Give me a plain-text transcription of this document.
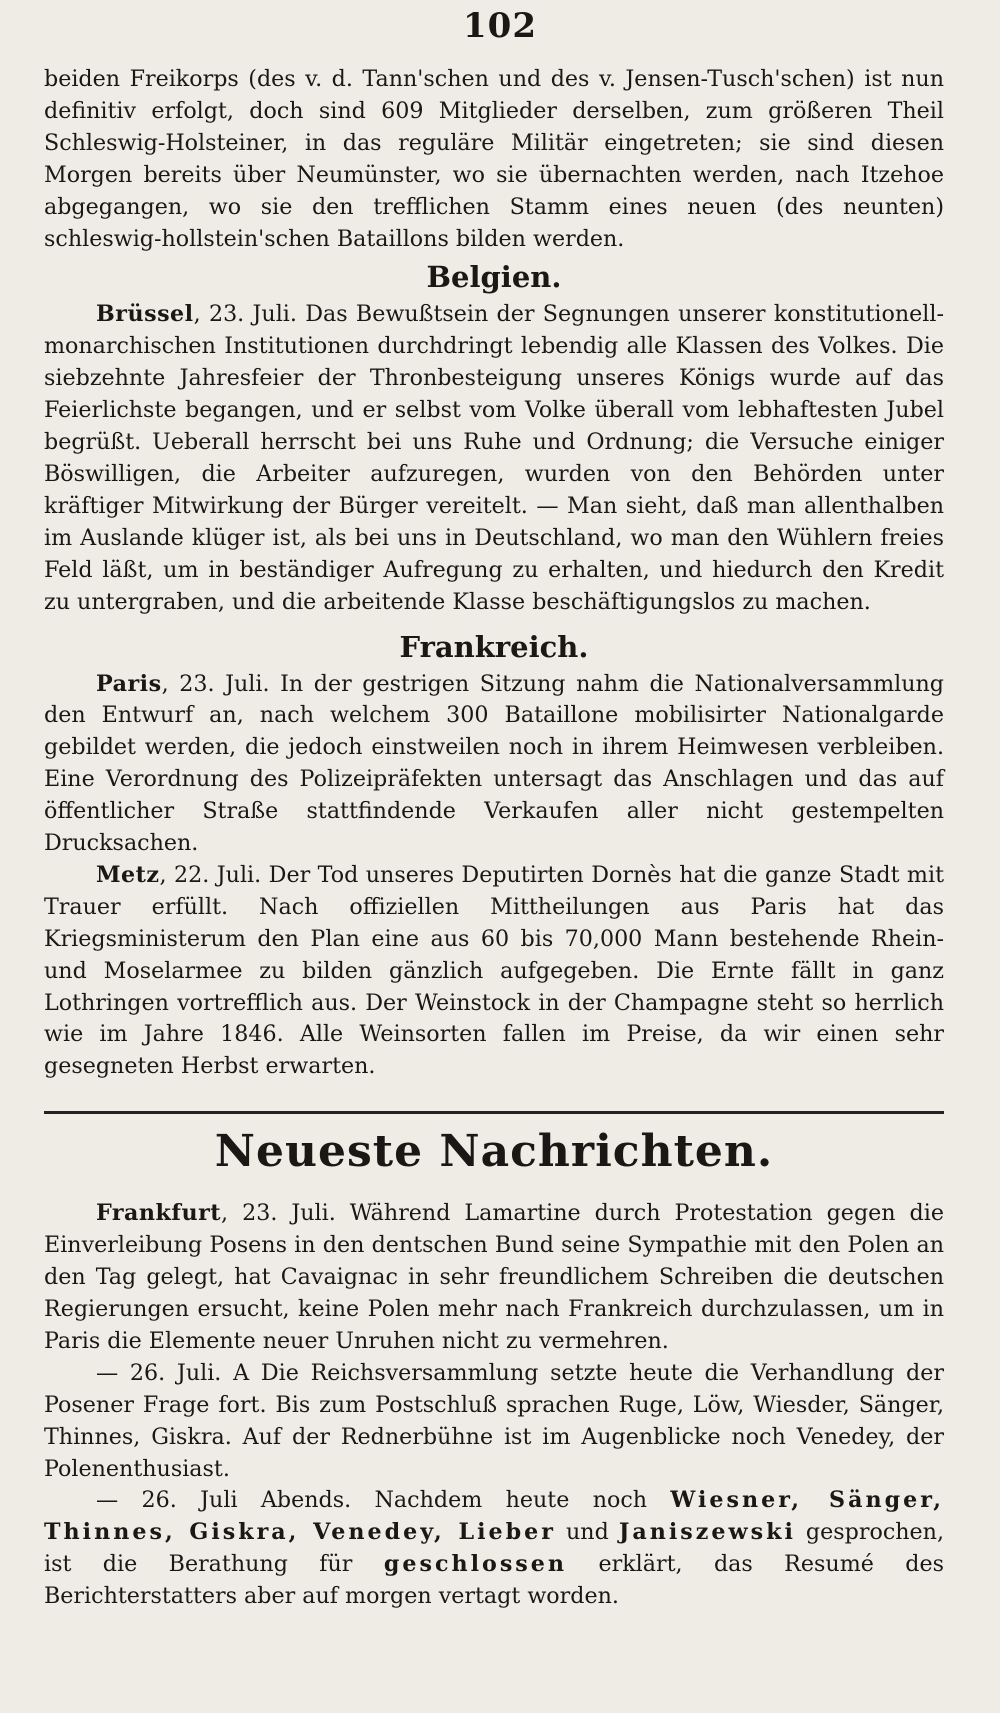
102

beiden Freikorps (des v. d. Tann'schen und des v. Jensen-Tusch'schen) ist nun definitiv erfolgt, doch sind 609 Mitglieder derselben, zum größeren Theil Schleswig-Holsteiner, in das reguläre Militär eingetreten; sie sind diesen Morgen bereits über Neumünster, wo sie übernachten werden, nach Itzehoe abgegangen, wo sie den trefflichen Stamm eines neuen (des neunten) schleswig-hollstein'schen Bataillons bilden werden.

Belgien.

Brüssel, 23. Juli. Das Bewußtsein der Segnungen unserer konstitutionell-monarchischen Institutionen durchdringt lebendig alle Klassen des Volkes. Die siebzehnte Jahresfeier der Thronbesteigung unseres Königs wurde auf das Feierlichste begangen, und er selbst vom Volke überall vom lebhaftesten Jubel begrüßt. Ueberall herrscht bei uns Ruhe und Ordnung; die Versuche einiger Böswilligen, die Arbeiter aufzuregen, wurden von den Behörden unter kräftiger Mitwirkung der Bürger vereitelt. — Man sieht, daß man allenthalben im Auslande klüger ist, als bei uns in Deutschland, wo man den Wühlern freies Feld läßt, um in beständiger Aufregung zu erhalten, und hiedurch den Kredit zu untergraben, und die arbeitende Klasse beschäftigungslos zu machen.

Frankreich.

Paris, 23. Juli. In der gestrigen Sitzung nahm die Nationalversammlung den Entwurf an, nach welchem 300 Bataillone mobilisirter Nationalgarde gebildet werden, die jedoch einstweilen noch in ihrem Heimwesen verbleiben. Eine Verordnung des Polizeipräfekten untersagt das Anschlagen und das auf öffentlicher Straße stattfindende Verkaufen aller nicht gestempelten Drucksachen.

Metz, 22. Juli. Der Tod unseres Deputirten Dornès hat die ganze Stadt mit Trauer erfüllt. Nach offiziellen Mittheilungen aus Paris hat das Kriegsministerum den Plan eine aus 60 bis 70,000 Mann bestehende Rhein- und Moselarmee zu bilden gänzlich aufgegeben. Die Ernte fällt in ganz Lothringen vortrefflich aus. Der Weinstock in der Champagne steht so herrlich wie im Jahre 1846. Alle Weinsorten fallen im Preise, da wir einen sehr gesegneten Herbst erwarten.

Neueste Nachrichten.

Frankfurt, 23. Juli. Während Lamartine durch Protestation gegen die Einverleibung Posens in den dentschen Bund seine Sympathie mit den Polen an den Tag gelegt, hat Cavaignac in sehr freundlichem Schreiben die deutschen Regierungen ersucht, keine Polen mehr nach Frankreich durchzulassen, um in Paris die Elemente neuer Unruhen nicht zu vermehren.

— 26. Juli. A Die Reichsversammlung setzte heute die Verhandlung der Posener Frage fort. Bis zum Postschluß sprachen Ruge, Löw, Wiesder, Sänger, Thinnes, Giskra. Auf der Rednerbühne ist im Augenblicke noch Venedey, der Polenenthusiast.

— 26. Juli Abends. Nachdem heute noch Wiesner, Sänger, Thinnes, Giskra, Venedey, Lieber und Janiszewski gesprochen, ist die Berathung für geschlossen erklärt, das Resumé des Berichterstatters aber auf morgen vertagt worden.
